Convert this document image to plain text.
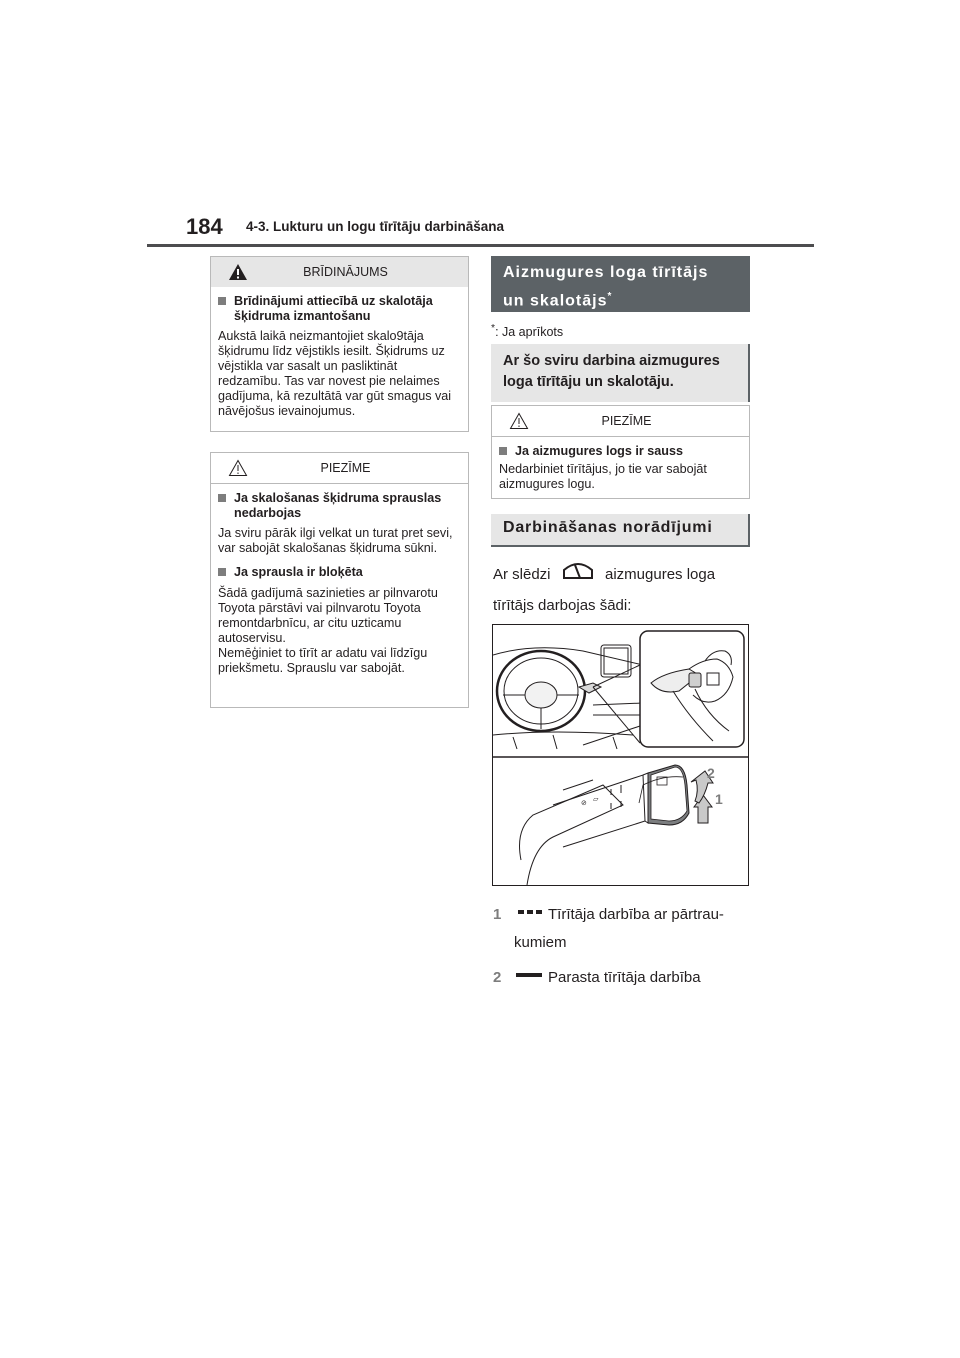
184 4-3. Lukturu un logu tīrītāju darbināšana
BRĪDINĀJUMS
Brīdinājumi attiecībā uz skalotāja šķidruma izmantošanu
Aukstā laikā neizmantojiet skalo9tāja šķidrumu līdz vējstikls iesilt. Šķidrums uz vējstikla var sasalt un pasliktināt redzamību. Tas var novest pie nelaimes gadījuma, kā rezultātā var gūt smagus vai nāvējošus ievainojumus.
PIEZĪME
Ja skalošanas šķidruma sprauslas nedarbojas
Ja sviru pārāk ilgi velkat un turat pret sevi, var sabojāt skalošanas šķidruma sūkni.
Ja sprausla ir bloķēta
Šādā gadījumā sazinieties ar pilnvarotu Toyota pārstāvi vai pilnvarotu Toyota remontdarbnīcu, ar citu uzticamu autoservisu.
Nemēģiniet to tīrīt ar adatu vai līdzīgu priekšmetu. Sprauslu var sabojāt.
Aizmugures loga tīrītājs
un skalotājs*
*: Ja aprīkots
Ar šo sviru darbina aizmugures loga tīrītāju un skalotāju.
PIEZĪME
Ja aizmugures logs ir sauss
Nedarbiniet tīrītājus, jo tie var sabojāt aizmugures logu.
Darbināšanas norādījumi
Ar slēdzi	aizmugures loga
tīrītājs darbojas šādi:
⊘ ▱
2
1
1	Tīrītāja darbība ar pārtrau-
kumiem
2	Parasta tīrītāja darbība
